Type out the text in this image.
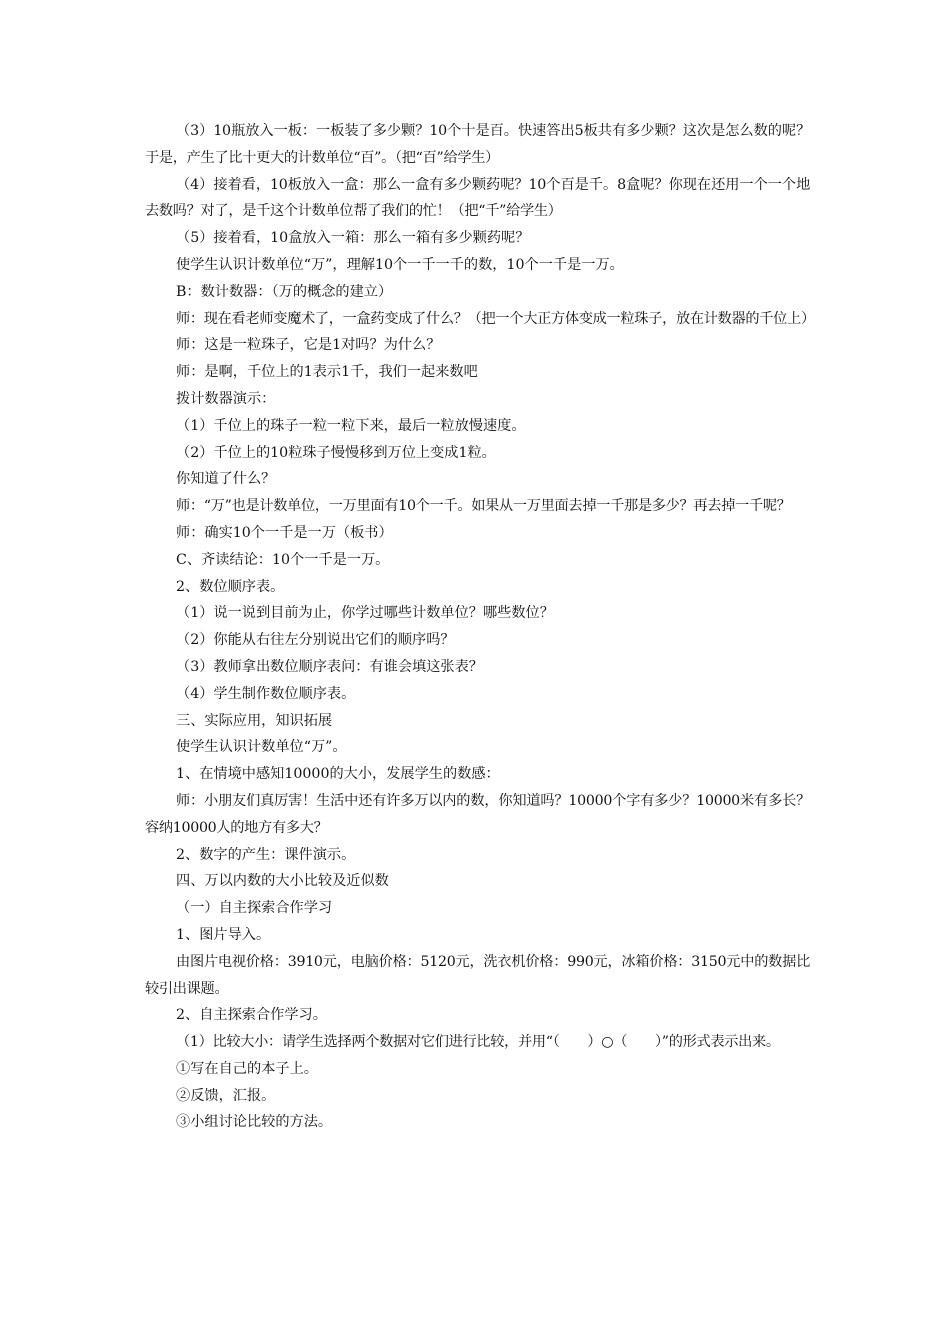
（3）10瓶放入一板：一板装了多少颗？10个十是百。快速答出5板共有多少颗？这次是怎么数的呢？于是，产生了比十更大的计数单位“百”。（把“百”给学生）

（4）接着看，10板放入一盒：那么一盒有多少颗药呢？10个百是千。8盒呢？你现在还用一个一个地去数吗？对了，是千这个计数单位帮了我们的忙！（把“千”给学生）

（5）接着看，10盒放入一箱：那么一箱有多少颗药呢？

使学生认识计数单位“万”，理解10个一千一千的数，10个一千是一万。

B：数计数器：（万的概念的建立）

师：现在看老师变魔术了，一盒药变成了什么？（把一个大正方体变成一粒珠子，放在计数器的千位上）

师：这是一粒珠子，它是1对吗？为什么？

师：是啊，千位上的1表示1千，我们一起来数吧

拨计数器演示：

（1）千位上的珠子一粒一粒下来，最后一粒放慢速度。

（2）千位上的10粒珠子慢慢移到万位上变成1粒。

你知道了什么？

师：“万”也是计数单位，一万里面有10个一千。如果从一万里面去掉一千那是多少？再去掉一千呢？

师：确实10个一千是一万（板书）

C、齐读结论：10个一千是一万。

2、数位顺序表。

（1）说一说到目前为止，你学过哪些计数单位？哪些数位？

（2）你能从右往左分别说出它们的顺序吗？

（3）教师拿出数位顺序表问：有谁会填这张表？

（4）学生制作数位顺序表。

三、实际应用，知识拓展

使学生认识计数单位“万”。

1、在情境中感知10000的大小，发展学生的数感：

师：小朋友们真厉害！生活中还有许多万以内的数，你知道吗？10000个字有多少？10000米有多长？容纳10000人的地方有多大？

2、数字的产生：课件演示。

四、万以内数的大小比较及近似数

（一）自主探索合作学习

1、图片导入。

由图片电视价格：3910元，电脑价格：5120元，洗衣机价格：990元，冰箱价格：3150元中的数据比较引出课题。

2、自主探索合作学习。

（1）比较大小：请学生选择两个数据对它们进行比较，并用“（　　）○（　　）”的形式表示出来。

①写在自己的本子上。

②反馈，汇报。

③小组讨论比较的方法。
